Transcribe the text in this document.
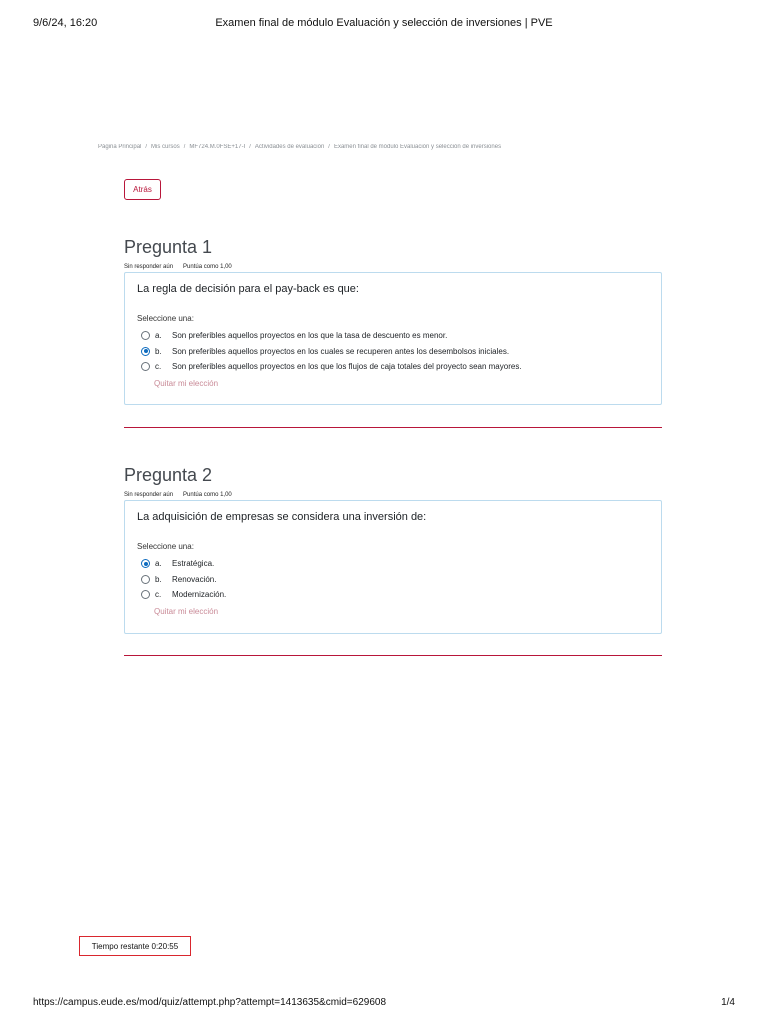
9/6/24, 16:20	Examen final de módulo Evaluación y selección de inversiones | PVE
Página Principal / Mis cursos / MF724.M.0FSE+17-I / Actividades de evaluación / Examen final de módulo Evaluación y selección de inversiones
Atrás
Pregunta 1
Sin responder aún Puntúa como 1,00

La regla de decisión para el pay-back es que:

Seleccione una:

a.	Son preferibles aquellos proyectos en los que la tasa de descuento es menor.
b.	Son preferibles aquellos proyectos en los cuales se recuperen antes los desembolsos iniciales.
c.	Son preferibles aquellos proyectos en los que los flujos de caja totales del proyecto sean mayores.
Quitar mi elección
Pregunta 2
Sin responder aún Puntúa como 1,00

La adquisición de empresas se considera una inversión de:

Seleccione una:

a.	Estratégica.
b.	Renovación.
c.	Modernización.
Quitar mi elección
Tiempo restante 0:20:55
https://campus.eude.es/mod/quiz/attempt.php?attempt=1413635&cmid=629608	1/4
